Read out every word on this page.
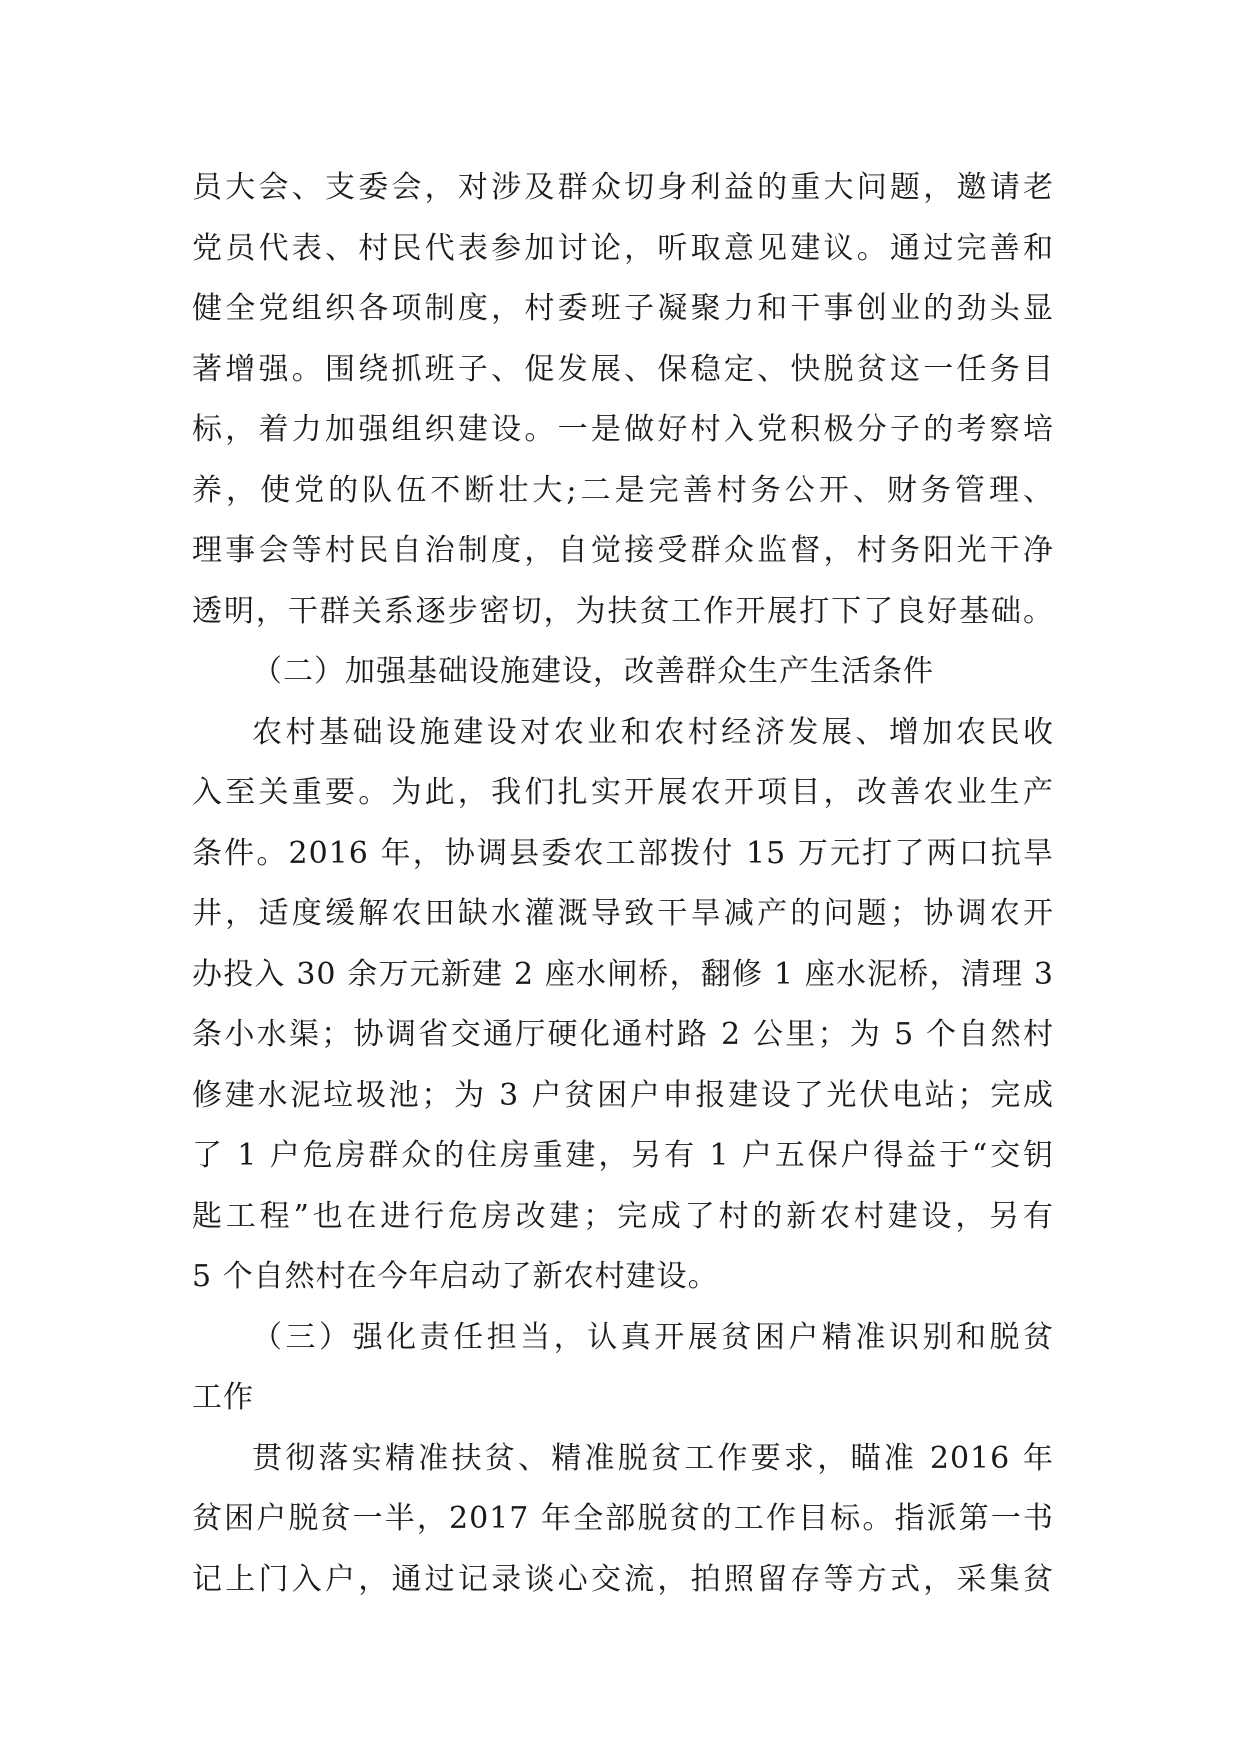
员大会、支委会，对涉及群众切身利益的重大问题，邀请老
党员代表、村民代表参加讨论，听取意见建议。通过完善和
健全党组织各项制度，村委班子凝聚力和干事创业的劲头显
著增强。围绕抓班子、促发展、保稳定、快脱贫这一任务目
标，着力加强组织建设。一是做好村入党积极分子的考察培
养，使党的队伍不断壮大;二是完善村务公开、财务管理、
理事会等村民自治制度，自觉接受群众监督，村务阳光干净
透明，干群关系逐步密切，为扶贫工作开展打下了良好基础。
（二）加强基础设施建设，改善群众生产生活条件
农村基础设施建设对农业和农村经济发展、增加农民收
入至关重要。为此，我们扎实开展农开项目，改善农业生产
条件。2016 年，协调县委农工部拨付 15 万元打了两口抗旱
井，适度缓解农田缺水灌溉导致干旱减产的问题；协调农开
办投入 30 余万元新建 2 座水闸桥，翻修 1 座水泥桥，清理 3
条小水渠；协调省交通厅硬化通村路 2 公里；为 5 个自然村
修建水泥垃圾池；为 3 户贫困户申报建设了光伏电站；完成
了 1 户危房群众的住房重建，另有 1 户五保户得益于“交钥
匙工程”也在进行危房改建；完成了村的新农村建设，另有
5 个自然村在今年启动了新农村建设。
（三）强化责任担当，认真开展贫困户精准识别和脱贫
工作
贯彻落实精准扶贫、精准脱贫工作要求，瞄准 2016 年
贫困户脱贫一半，2017 年全部脱贫的工作目标。指派第一书
记上门入户，通过记录谈心交流，拍照留存等方式，采集贫
